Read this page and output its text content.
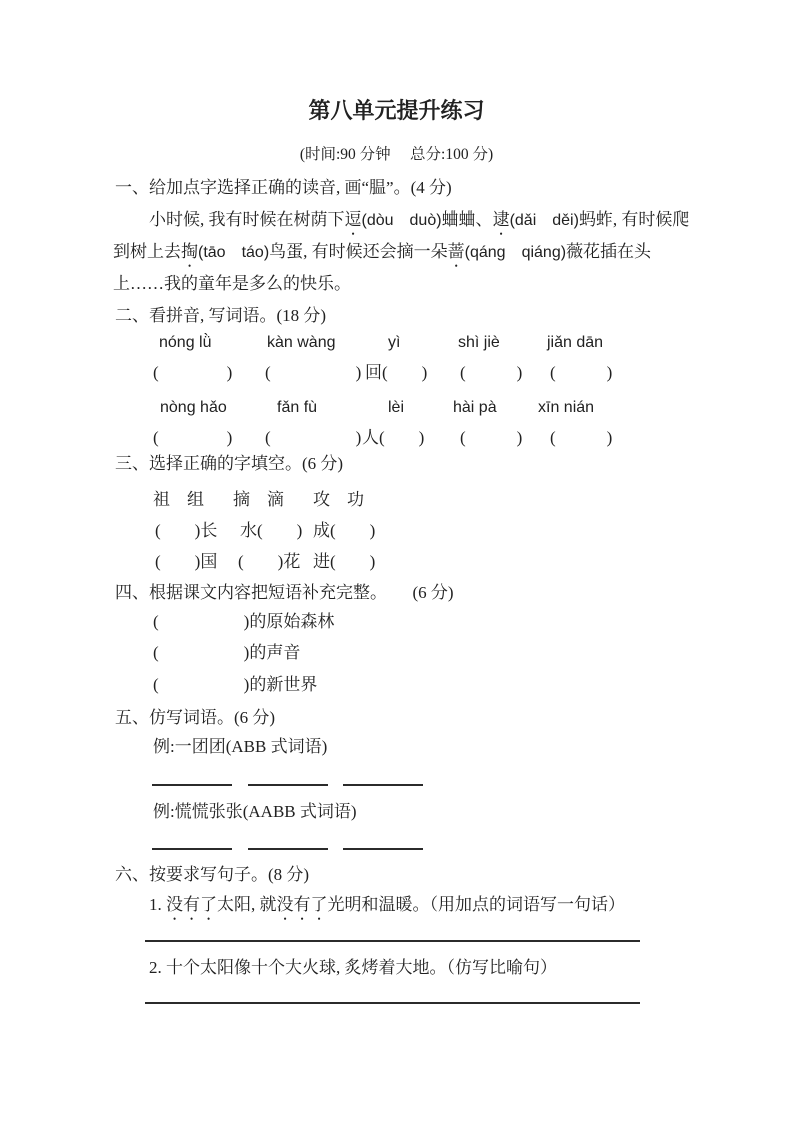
第八单元提升练习
(时间:90 分钟　 总分:100 分)
一、给加点字选择正确的读音, 画“腽”。(4 分)
小时候, 我有时候在树荫下逗(dòu　duò)蛐蛐、逮(dǎi　děi)蚂蚱, 有时候爬
到树上去掏(tāo　táo)鸟蛋, 有时候还会摘一朵蔷(qáng　qiáng)薇花插在头
上……我的童年是多么的快乐。
二、看拼音, 写词语。(18 分)
nóng lǜ	kàn wàng	yì	shì jiè	jiǎn dān
(　　　　) (　　　　　) 回(　　) (　　　) (　　　)
nòng hǎo	fǎn fù	lèi	hài pà	xīn nián
(　　　　) (　　　　　) 人(　　) (　　　) (　　　)
三、选择正确的字填空。(6 分)
祖　组 摘　滴 攻　功
(　　)长 水(　　) 成(　　)
(　　)国 (　　)花 进(　　)
四、根据课文内容把短语补充完整。　　(6 分)
(　　　　　)的原始森林
(　　　　　)的声音
(　　　　　)的新世界
五、仿写词语。(6 分)
例:一团团(ABB 式词语)
例:慌慌张张(AABB 式词语)
六、按要求写句子。(8 分)
1. 没有了太阳, 就没有了光明和温暖。（用加点的词语写一句话）
2. 十个太阳像十个大火球, 炙烤着大地。（仿写比喻句）
